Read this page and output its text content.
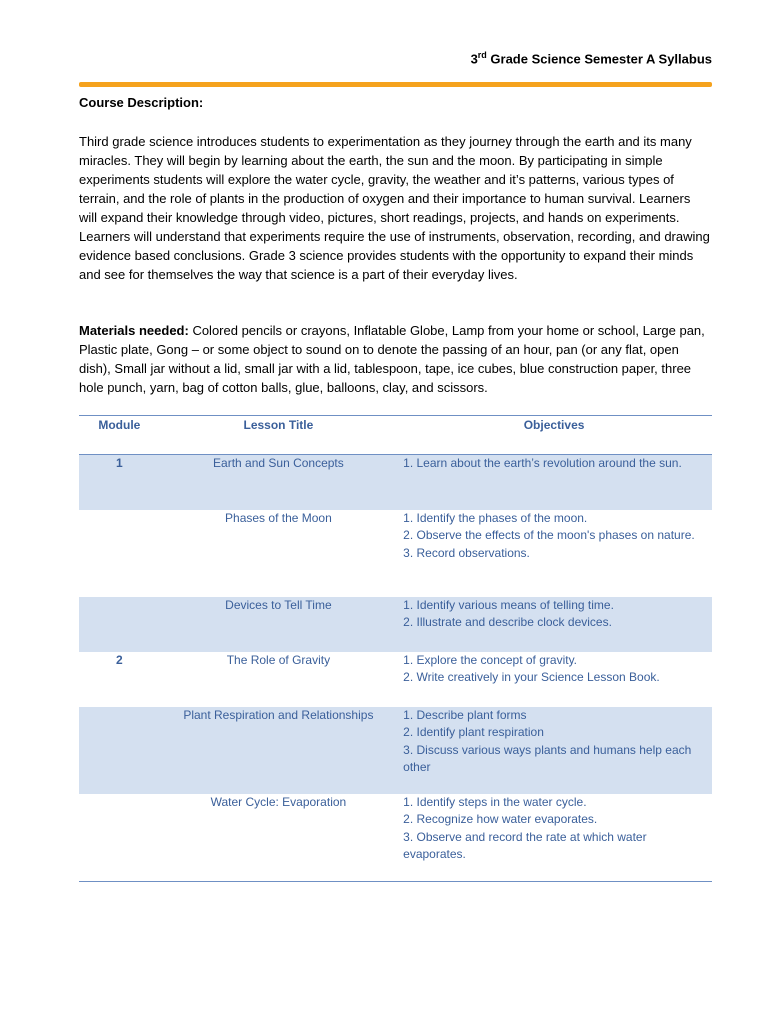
3rd Grade Science Semester A Syllabus
Course Description:

Third grade science introduces students to experimentation as they journey through the earth and its many miracles. They will begin by learning about the earth, the sun and the moon. By participating in simple experiments students will explore the water cycle, gravity, the weather and it’s patterns, various types of terrain, and the role of plants in the production of oxygen and their importance to human survival. Learners will expand their knowledge through video, pictures, short readings, projects, and hands on experiments. Learners will understand that experiments require the use of instruments, observation, recording, and drawing evidence based conclusions. Grade 3 science provides students with the opportunity to expand their minds and see for themselves the way that science is a part of their everyday lives.

Materials needed: Colored pencils or crayons, Inflatable Globe, Lamp from your home or school, Large pan, Plastic plate, Gong – or some object to sound on to denote the passing of an hour, pan (or any flat, open dish), Small jar without a lid, small jar with a lid, tablespoon, tape, ice cubes, blue construction paper, three hole punch, yarn, bag of cotton balls, glue, balloons, clay, and scissors.

Module	Lesson Title	Objectives
1	Earth and Sun Concepts	1. Learn about the earth’s revolution around the sun.

	Phases of the Moon	1. Identify the phases of the moon.
2. Observe the effects of the moon's phases on nature.
3. Record observations.

	Devices to Tell Time	1. Identify various means of telling time.
2. Illustrate and describe clock devices.

2	The Role of Gravity	1. Explore the concept of gravity.
2. Write creatively in your Science Lesson Book.

	Plant Respiration and Relationships	1. Describe plant forms
2. Identify plant respiration
3. Discuss various ways plants and humans help each other

	Water Cycle: Evaporation	1. Identify steps in the water cycle.
2. Recognize how water evaporates.
3. Observe and record the rate at which water evaporates.
